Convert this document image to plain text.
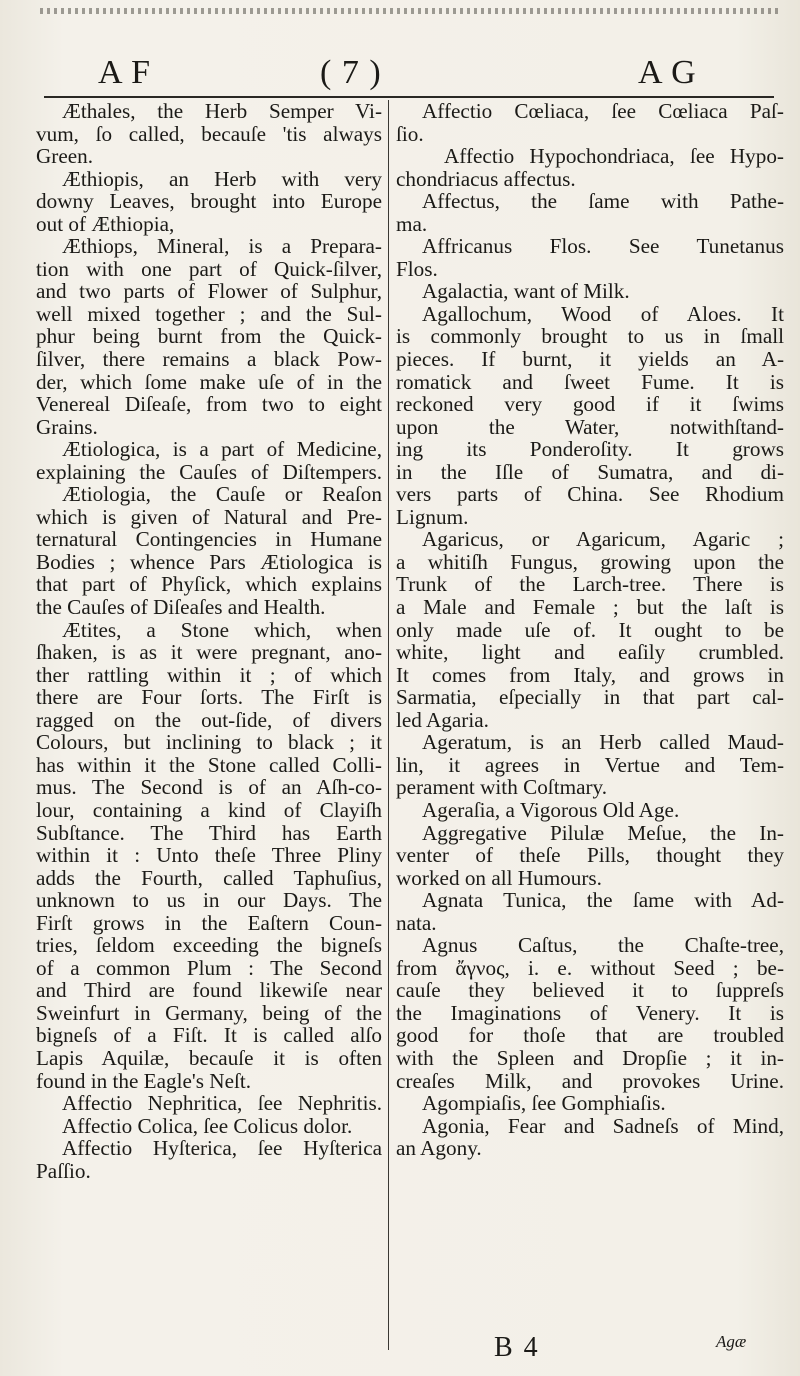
A F	( 7 )	A G
Æthales, the Herb Semper Vi-
vum, ſo called, becauſe 'tis always
Green.
Æthiopis, an Herb with very
downy Leaves, brought into Europe
out of Æthiopia,
Æthiops, Mineral, is a Prepara-
tion with one part of Quick-ſilver,
and two parts of Flower of Sulphur,
well mixed together ; and the Sul-
phur being burnt from the Quick-
ſilver, there remains a black Pow-
der, which ſome make uſe of in the
Venereal Diſeaſe, from two to eight
Grains.
Ætiologica, is a part of Medicine,
explaining the Cauſes of Diſtempers.
Ætiologia, the Cauſe or Reaſon
which is given of Natural and Pre-
ternatural Contingencies in Humane
Bodies ; whence Pars Ætiologica is
that part of Phyſick, which explains
the Cauſes of Diſeaſes and Health.
Ætites, a Stone which, when
ſhaken, is as it were pregnant, ano-
ther rattling within it ; of which
there are Four ſorts. The Firſt is
ragged on the out-ſide, of divers
Colours, but inclining to black ; it
has within it the Stone called Colli-
mus. The Second is of an Aſh-co-
lour, containing a kind of Clayiſh
Subſtance. The Third has Earth
within it : Unto theſe Three Pliny
adds the Fourth, called Taphuſius,
unknown to us in our Days. The
Firſt grows in the Eaſtern Coun-
tries, ſeldom exceeding the bigneſs
of a common Plum : The Second
and Third are found likewiſe near
Sweinfurt in Germany, being of the
bigneſs of a Fiſt. It is called alſo
Lapis Aquilæ, becauſe it is often
found in the Eagle's Neſt.
Affectio Nephritica, ſee Nephritis.
Affectio Colica, ſee Colicus dolor.
Affectio Hyſterica, ſee Hyſterica
Paſſio.
Affectio Cœliaca, ſee Cœliaca Paſ-
ſio.
Affectio Hypochondriaca, ſee Hypo-
chondriacus affectus.
Affectus, the ſame with Pathe-
ma.
Affricanus Flos. See Tunetanus
Flos.
Agalactia, want of Milk.
Agallochum, Wood of Aloes. It
is commonly brought to us in ſmall
pieces. If burnt, it yields an A-
romatick and ſweet Fume. It is
reckoned very good if it ſwims
upon the Water, notwithſtand-
ing its Ponderoſity. It grows
in the Iſle of Sumatra, and di-
vers parts of China. See Rhodium
Lignum.
Agaricus, or Agaricum, Agaric ;
a whitiſh Fungus, growing upon the
Trunk of the Larch-tree. There is
a Male and Female ; but the laſt is
only made uſe of. It ought to be
white, light and eaſily crumbled.
It comes from Italy, and grows in
Sarmatia, eſpecially in that part cal-
led Agaria.
Ageratum, is an Herb called Maud-
lin, it agrees in Vertue and Tem-
perament with Coſtmary.
Ageraſia, a Vigorous Old Age.
Aggregative Pilulæ Meſue, the In-
venter of theſe Pills, thought they
worked on all Humours.
Agnata Tunica, the ſame with Ad-
nata.
Agnus Caſtus, the Chaſte-tree,
from ἄγνος, i. e. without Seed ; be-
cauſe they believed it to ſuppreſs
the Imaginations of Venery. It is
good for thoſe that are troubled
with the Spleen and Dropſie ; it in-
creaſes Milk, and provokes Urine.
Agompiaſis, ſee Gomphiaſis.
Agonia, Fear and Sadneſs of Mind,
an Agony.
B 4	Agæ
